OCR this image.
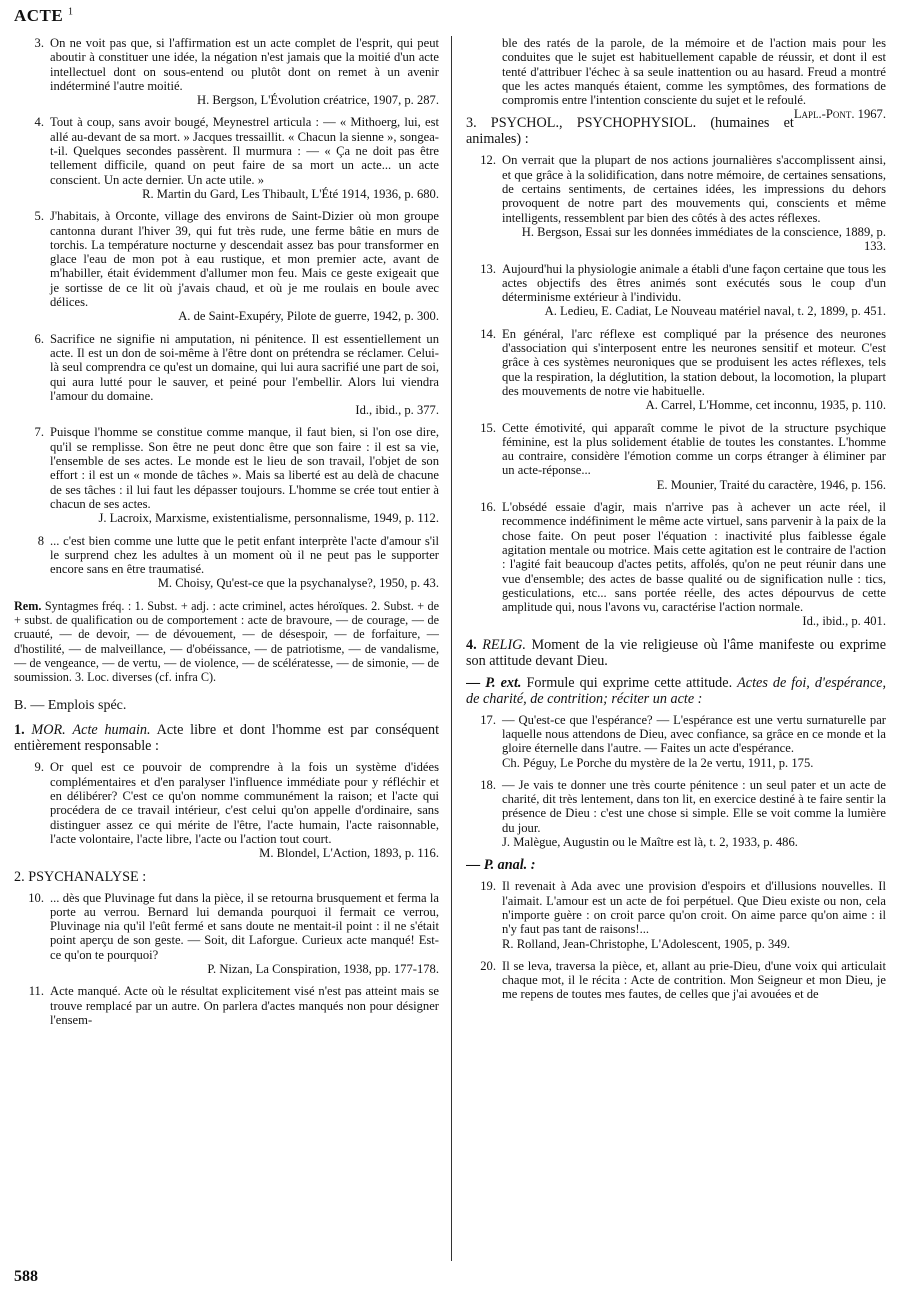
ACTE $^1$
3. On ne voit pas que, si l'affirmation est un acte complet de l'esprit, qui peut aboutir à constituer une idée, la négation n'est jamais que la moitié d'un acte intellectuel dont on sous-entend ou plutôt dont on remet à un avenir indéterminé l'autre moitié.
H. Bergson, L'Évolution créatrice, 1907, p. 287.
4. Tout à coup, sans avoir bougé, Meynestrel articula : — « Mithoerg, lui, est allé au-devant de sa mort. » Jacques tressaillit. « Chacun la sienne », songea-t-il. Quelques secondes passèrent. Il murmura : — « Ça ne doit pas être tellement difficile, quand on peut faire de sa mort un acte... un acte conscient. Un acte dernier. Un acte utile. »
R. Martin du Gard, Les Thibault, L'Été 1914, 1936, p. 680.
5. J'habitais, à Orconte, village des environs de Saint-Dizier où mon groupe cantonna durant l'hiver 39, qui fut très rude, une ferme bâtie en murs de torchis. La température nocturne y descendait assez bas pour transformer en glace l'eau de mon pot à eau rustique, et mon premier acte, avant de m'habiller, était évidemment d'allumer mon feu. Mais ce geste exigeait que je sortisse de ce lit où j'avais chaud, et où je me roulais en boule avec délices.
A. de Saint-Exupéry, Pilote de guerre, 1942, p. 300.
6. Sacrifice ne signifie ni amputation, ni pénitence. Il est essentiellement un acte. Il est un don de soi-même à l'être dont on prétendra se réclamer. Celui-là seul comprendra ce qu'est un domaine, qui lui aura sacrifié une part de soi, qui aura lutté pour le sauver, et peiné pour l'embellir. Alors lui viendra l'amour du domaine.
Id., ibid., p. 377.
7. Puisque l'homme se constitue comme manque, il faut bien, si l'on ose dire, qu'il se remplisse. Son être ne peut donc être que son faire : il est sa vie, l'ensemble de ses actes. Le monde est le lieu de son travail, l'objet de son effort : il est un « monde de tâches ». Mais sa liberté est au delà de chacune de ses tâches : il lui faut les dépasser toujours. L'homme se crée tout entier à chacun de ses actes.
J. Lacroix, Marxisme, existentialisme, personnalisme, 1949, p. 112.
8 ... c'est bien comme une lutte que le petit enfant interprète l'acte d'amour s'il le surprend chez les adultes à un moment où il ne peut pas le supporter encore sans en être traumatisé.
M. Choisy, Qu'est-ce que la psychanalyse?, 1950, p. 43.
Rem. Syntagmes fréq. : 1. Subst. + adj. : acte criminel, actes héroïques. 2. Subst. + de + subst. de qualification ou de comportement : acte de bravoure, — de courage, — de cruauté, — de devoir, — de dévouement, — de désespoir, — de forfaiture, — d'hostilité, — de malveillance, — d'obéissance, — de patriotisme, — de vandalisme, — de vengeance, — de vertu, — de violence, — de scélératesse, — de simonie, — de soumission. 3. Loc. diverses (cf. infra C).
B. — Emplois spéc.
1. MOR. Acte humain. Acte libre et dont l'homme est par conséquent entièrement responsable :
9. Or quel est ce pouvoir de comprendre à la fois un système d'idées complémentaires et d'en paralyser l'influence immédiate pour y réfléchir et en délibérer? C'est ce qu'on nomme communément la raison; et l'acte qui procédera de ce travail intérieur, c'est celui qu'on appelle d'ordinaire, sans distinguer assez ce qui mérite de l'être, l'acte humain, l'acte raisonnable, l'acte volontaire, l'acte libre, l'acte ou l'action tout court.
M. Blondel, L'Action, 1893, p. 116.
2. PSYCHANALYSE :
10. ... dès que Pluvinage fut dans la pièce, il se retourna brusquement et ferma la porte au verrou. Bernard lui demanda pourquoi il fermait ce verrou, Pluvinage nia qu'il l'eût fermé et sans doute ne mentait-il point : il ne s'était point aperçu de son geste. — Soit, dit Laforgue. Curieux acte manqué! Est-ce qu'on te pourquoi?
P. Nizan, La Conspiration, 1938, pp. 177-178.
11. Acte manqué. Acte où le résultat explicitement visé n'est pas atteint mais se trouve remplacé par un autre. On parlera d'actes manqués non pour désigner l'ensem-
ble des ratés de la parole, de la mémoire et de l'action mais pour les conduites que le sujet est habituellement capable de réussir, et dont il est tenté d'attribuer l'échec à sa seule inattention ou au hasard. Freud a montré que les actes manqués étaient, comme les symptômes, des formations de compromis entre l'intention consciente du sujet et le refoulé.
Lapl.-Pont. 1967.
3. PSYCHOL., PSYCHOPHYSIOL. (humaines et animales) :
12. On verrait que la plupart de nos actions journalières s'accomplissent ainsi, et que grâce à la solidification, dans notre mémoire, de certaines sensations, de certains sentiments, de certaines idées, les impressions du dehors provoquent de notre part des mouvements qui, conscients et même intelligents, ressemblent par bien des côtés à des actes réflexes.
H. Bergson, Essai sur les données immédiates de la conscience, 1889, p. 133.
13. Aujourd'hui la physiologie animale a établi d'une façon certaine que tous les actes objectifs des êtres animés sont exécutés sous le coup d'un déterminisme extérieur à l'individu.
A. Ledieu, E. Cadiat, Le Nouveau matériel naval, t. 2, 1899, p. 451.
14. En général, l'arc réflexe est compliqué par la présence des neurones d'association qui s'interposent entre les neurones sensitif et moteur. C'est grâce à ces systèmes neuroniques que se produisent les actes réflexes, tels que la respiration, la déglutition, la station debout, la locomotion, la plupart des mouvements de notre vie habituelle.
A. Carrel, L'Homme, cet inconnu, 1935, p. 110.
15. Cette émotivité, qui apparaît comme le pivot de la structure psychique féminine, est la plus solidement établie de toutes les constantes. L'homme au contraire, considère l'émotion comme un corps étranger à éliminer par un acte-réponse...
E. Mounier, Traité du caractère, 1946, p. 156.
16. L'obsédé essaie d'agir, mais n'arrive pas à achever un acte réel, il recommence indéfiniment le même acte virtuel, sans parvenir à la paix de la chose faite. On peut poser l'équation : inactivité plus faiblesse égale agitation mentale ou motrice. Mais cette agitation est le contraire de l'action : l'agité fait beaucoup d'actes petits, affolés, qu'on ne peut réunir dans une vue d'ensemble; des actes de basse qualité ou de signification nulle : tics, gesticulations, etc... sans portée réelle, des actes dépourvus de cette amplitude qui, nous l'avons vu, caractérise l'action normale.
Id., ibid., p. 401.
4. RELIG. Moment de la vie religieuse où l'âme manifeste ou exprime son attitude devant Dieu.
— P. ext. Formule qui exprime cette attitude. Actes de foi, d'espérance, de charité, de contrition; réciter un acte :
17. — Qu'est-ce que l'espérance? — L'espérance est une vertu surnaturelle par laquelle nous attendons de Dieu, avec confiance, sa grâce en ce monde et la gloire éternelle dans l'autre. — Faites un acte d'espérance.
Ch. Péguy, Le Porche du mystère de la 2e vertu, 1911, p. 175.
18. — Je vais te donner une très courte pénitence : un seul pater et un acte de charité, dit très lentement, dans ton lit, en exercice destiné à te faire sentir la présence de Dieu : c'est une chose si simple. Elle se voit comme la lumière du jour.
J. Malègue, Augustin ou le Maître est là, t. 2, 1933, p. 486.
— P. anal. :
19. Il revenait à Ada avec une provision d'espoirs et d'illusions nouvelles. Il l'aimait. L'amour est un acte de foi perpétuel. Que Dieu existe ou non, cela n'importe guère : on croit parce qu'on croit. On aime parce qu'on aime : il n'y faut pas tant de raisons!...
R. Rolland, Jean-Christophe, L'Adolescent, 1905, p. 349.
20. Il se leva, traversa la pièce, et, allant au prie-Dieu, d'une voix qui articulait chaque mot, il le récita : Acte de contrition. Mon Seigneur et mon Dieu, je me repens de toutes mes fautes, de celles que j'ai avouées et de
588
